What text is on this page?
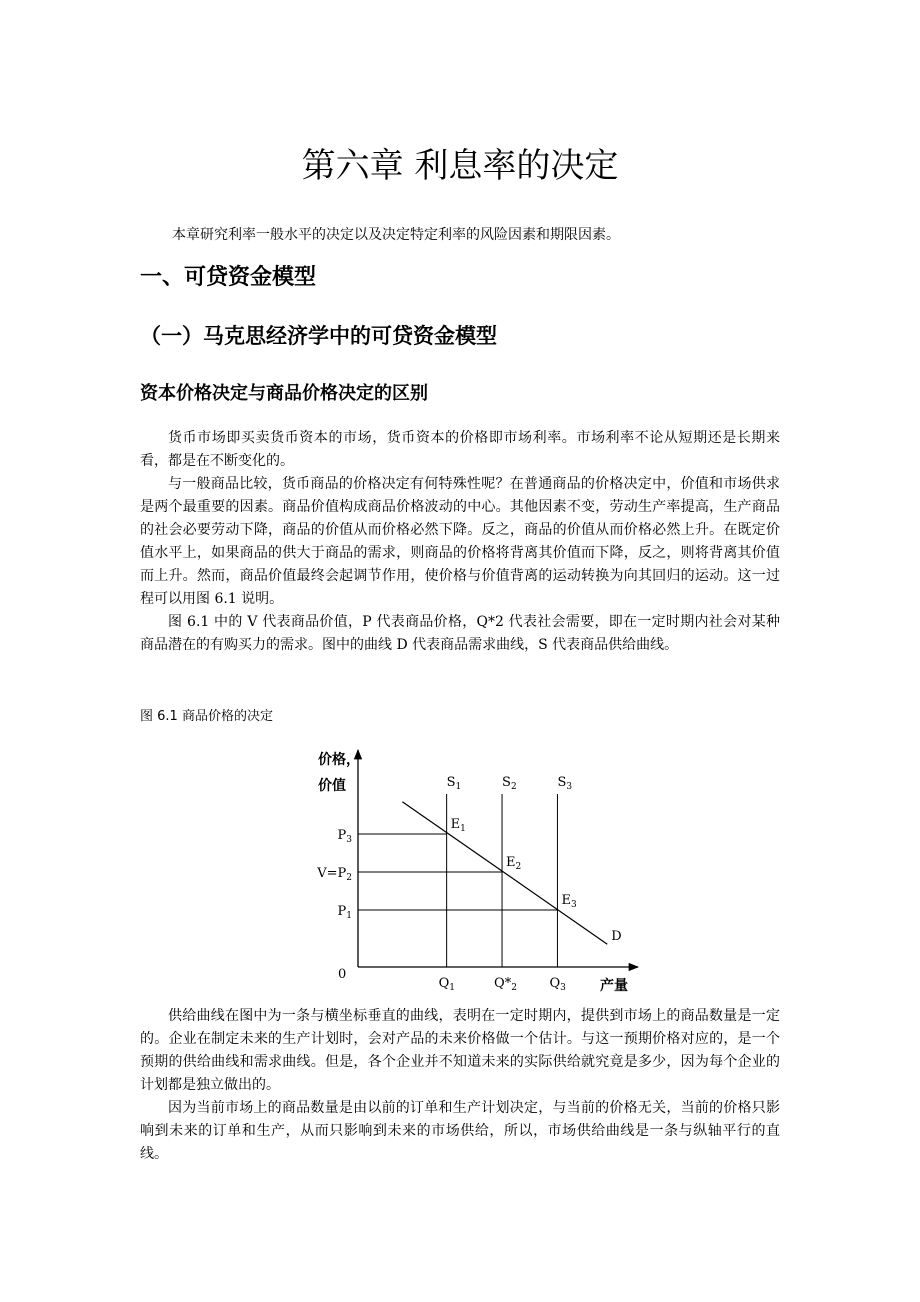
第六章 利息率的决定
本章研究利率一般水平的决定以及决定特定利率的风险因素和期限因素。
一、可贷资金模型
（一）马克思经济学中的可贷资金模型
资本价格决定与商品价格决定的区别

货币市场即买卖货币资本的市场，货币资本的价格即市场利率。市场利率不论从短期还是长期来看，都是在不断变化的。

与一般商品比较，货币商品的价格决定有何特殊性呢？在普通商品的价格决定中，价值和市场供求是两个最重要的因素。商品价值构成商品价格波动的中心。其他因素不变，劳动生产率提高，生产商品的社会必要劳动下降，商品的价值从而价格必然下降。反之，商品的价值从而价格必然上升。在既定价值水平上，如果商品的供大于商品的需求，则商品的价格将背离其价值而下降，反之，则将背离其价值而上升。然而，商品价值最终会起调节作用，使价格与价值背离的运动转换为向其回归的运动。这一过程可以用图 6.1 说明。

图 6.1 中的 V 代表商品价值，P 代表商品价格，Q*2 代表社会需要，即在一定时期内社会对某种商品潜在的有购买力的需求。图中的曲线 D 代表商品需求曲线，S 代表商品供给曲线。

图 6.1 商品价格的决定
价格，
价值
产量
0
$S_1$	$S_2$	$S_3$
$P_3$
$V=P_2$
$P_1$
$Q_1$	$Q*_2$ $Q_3$
D
$E_1$
$E_2$
$E_3$

供给曲线在图中为一条与横坐标垂直的曲线，表明在一定时期内，提供到市场上的商品数量是一定的。企业在制定未来的生产计划时，会对产品的未来价格做一个估计。与这一预期价格对应的，是一个预期的供给曲线和需求曲线。但是，各个企业并不知道未来的实际供给就究竟是多少，因为每个企业的计划都是独立做出的。

因为当前市场上的商品数量是由以前的订单和生产计划决定，与当前的价格无关，当前的价格只影响到未来的订单和生产，从而只影响到未来的市场供给，所以，市场供给曲线是一条与纵轴平行的直线。
